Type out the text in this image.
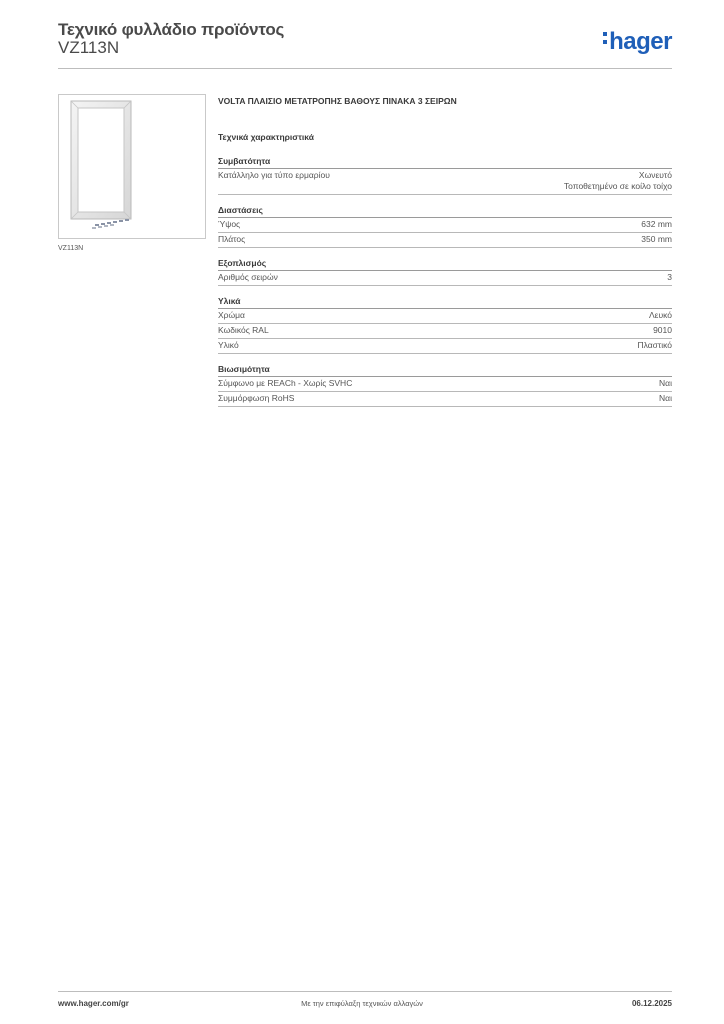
Τεχνικό φυλλάδιο προϊόντος
VZ113N	hager
VZ113N
VOLTA ΠΛΑΙΣΙΟ ΜΕΤΑΤΡΟΠΗΣ ΒΑΘΟΥΣ ΠΙΝΑΚΑ 3 ΣΕΙΡΩΝ
Τεχνικά χαρακτηριστικά
Συμβατότητα
Κατάλληλο για τύπο ερμαρίου	Χωνευτό
Τοποθετημένο σε κοίλο τοίχο
Διαστάσεις
Ύψος	632 mm
Πλάτος	350 mm
Εξοπλισμός
Αριθμός σειρών	3
Υλικά
Χρώμα	Λευκό
Κωδικός RAL	9010
Υλικό	Πλαστικό
Βιωσιμότητα
Σύμφωνο με REACh - Χωρίς SVHC	Ναι
Συμμόρφωση RoHS	Ναι
www.hager.com/gr	Με την επιφύλαξη τεχνικών αλλαγών	06.12.2025
